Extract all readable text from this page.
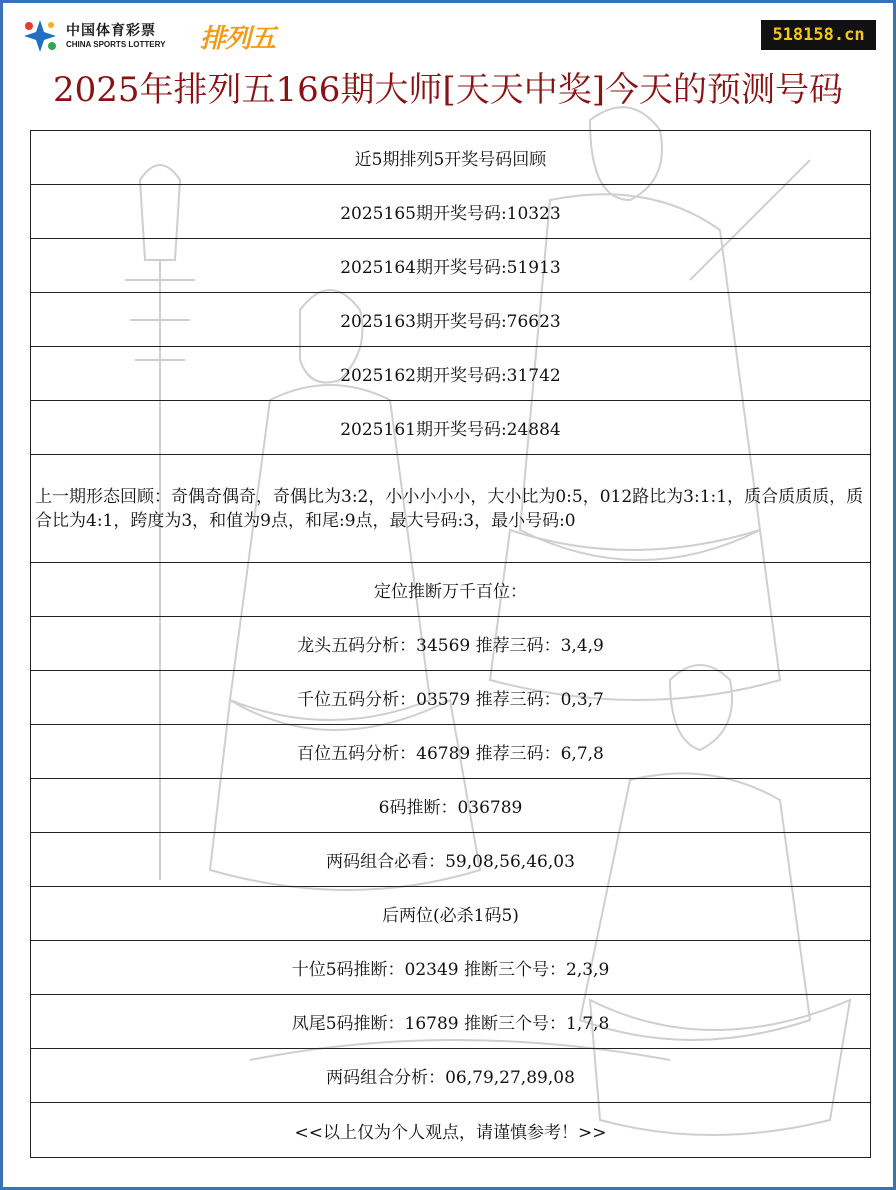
中国体育彩票
CHINA SPORTS LOTTERY 排列五	518158.cn
2025年排列五166期大师[天天中奖]今天的预测号码
近5期排列5开奖号码回顾
2025165期开奖号码:10323
2025164期开奖号码:51913
2025163期开奖号码:76623
2025162期开奖号码:31742
2025161期开奖号码:24884
上一期形态回顾：奇偶奇偶奇，奇偶比为3:2，小小小小小，大小比为0:5，012路比为3:1:1，质合质质质，质合比为4:1，跨度为3，和值为9点，和尾:9点，最大号码:3，最小号码:0
定位推断万千百位：
龙头五码分析：34569 推荐三码：3,4,9
千位五码分析：03579 推荐三码：0,3,7
百位五码分析：46789 推荐三码：6,7,8
6码推断：036789
两码组合必看：59,08,56,46,03
后两位(必杀1码5)
十位5码推断：02349 推断三个号：2,3,9
凤尾5码推断：16789 推断三个号：1,7,8
两码组合分析：06,79,27,89,08
<<以上仅为个人观点，请谨慎参考！>>
